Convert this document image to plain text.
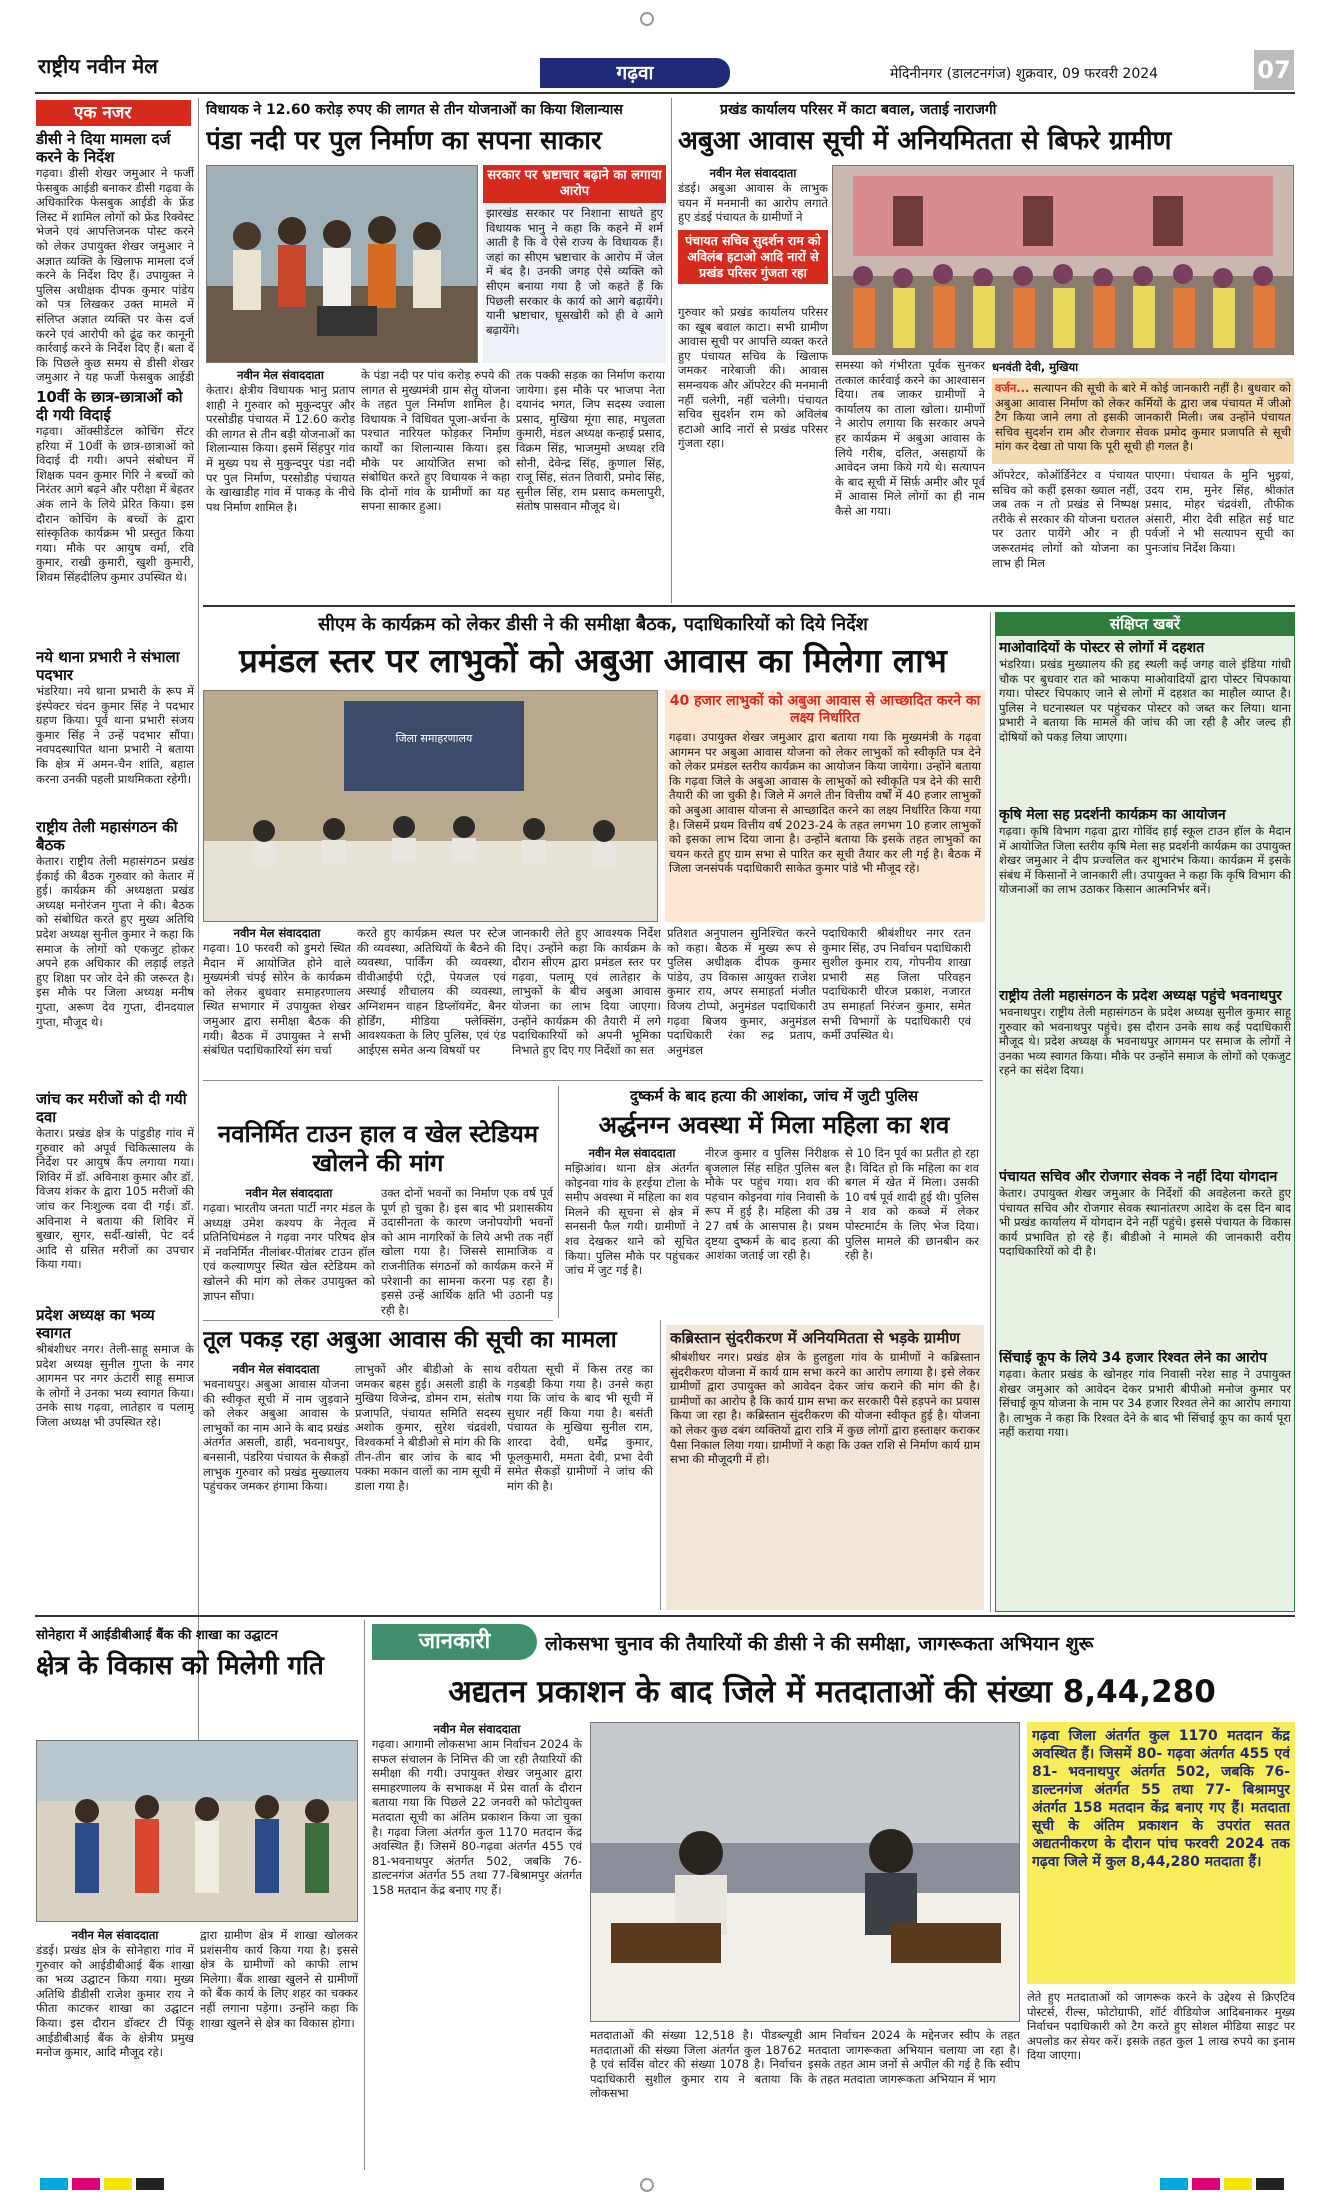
राष्ट्रीय नवीन मेल	गढ़वा	मेदिनीनगर (डालटनगंज) शुक्रवार, 09 फरवरी 2024	07
एक नजर
डीसी ने दिया मामला दर्ज करने के निर्देश
गढ़वा। डीसी शेखर जमुआर ने फर्जी फेसबुक आईडी बनाकर डीसी गढ़वा के अधिकारिक फेसबुक आईडी के फ्रेंड लिस्ट में शामिल लोगों को फ्रेंड रिक्वेस्ट भेजने एवं आपत्तिजनक पोस्ट करने को लेकर उपायुक्त शेखर जमुआर ने अज्ञात व्यक्ति के खिलाफ मामला दर्ज करने के निर्देश दिए हैं। उपायुक्त ने पुलिस अधीक्षक दीपक कुमार पांडेय को पत्र लिखकर उक्त मामले में संलिप्त अज्ञात व्यक्ति पर केस दर्ज करने एवं आरोपी को ढूंढ कर कानूनी कार्रवाई करने के निर्देश दिए हैं। बता दें कि पिछले कुछ समय से डीसी शेखर जमुआर ने यह फर्जी फेसबुक आईडी
10वीं के छात्र-छात्राओं को दी गयी विदाई
गढ़वा। ऑक्सीडेंटल कोचिंग सेंटर हरिया में 10वीं के छात्र-छात्राओं को विदाई दी गयी। अपने संबोधन में शिक्षक पवन कुमार गिरि ने बच्चों को निरंतर आगे बढ़ने और परीक्षा में बेहतर अंक लाने के लिये प्रेरित किया। इस दौरान कोचिंग के बच्चों के द्वारा सांस्कृतिक कार्यक्रम भी प्रस्तुत किया गया। मौके पर आयुष वर्मा, रवि कुमार, राखी कुमारी, खुशी कुमारी, शिवम सिंहदीलिप कुमार उपस्थित थे।
नये थाना प्रभारी ने संभाला पदभार
भंडरिया। नये थाना प्रभारी के रूप में इंस्पेक्टर चंदन कुमार सिंह ने पदभार ग्रहण किया। पूर्व थाना प्रभारी संजय कुमार सिंह ने उन्हें पदभार सौंपा। नवपदस्थापित थाना प्रभारी ने बताया कि क्षेत्र में अमन-चैन शांति, बहाल करना उनकी पहली प्राथमिकता रहेगी।
राष्ट्रीय तेली महासंगठन की बैठक
केतार। राष्ट्रीय तेली महासंगठन प्रखंड ईकाई की बैठक गुरुवार को केतार में हुई। कार्यक्रम की अध्यक्षता प्रखंड अध्यक्ष मनोरंजन गुप्ता ने की। बैठक को संबोधित करते हुए मुख्य अतिथि प्रदेश अध्यक्ष सुनील कुमार ने कहा कि समाज के लोगों को एकजुट होकर अपने हक अधिकार की लड़ाई लड़ते हुए शिक्षा पर जोर देने की जरूरत है। इस मौके पर जिला अध्यक्ष मनीष गुप्ता, अरूण देव गुप्ता, दीनदयाल गुप्ता, मौजूद थे।
जांच कर मरीजों को दी गयी दवा
केतार। प्रखंड क्षेत्र के पांडुडीह गांव में गुरुवार को अपूर्व चिकित्सालय के निर्देश पर आयुष कैंप लगाया गया। शिविर में डॉ. अविनाश कुमार और डॉ. विजय शंकर के द्वारा 105 मरीजों की जांच कर निःशुल्क दवा दी गई। डॉ. अविनाश ने बताया की शिविर में बुखार, सुगर, सर्दी-खांसी, पेट दर्द आदि से ग्रसित मरीजों का उपचार किया गया।
प्रदेश अध्यक्ष का भव्य स्वागत
श्रीबंशीधर नगर। तेली-साहू समाज के प्रदेश अध्यक्ष सुनील गुप्ता के नगर आगमन पर नगर ऊंटारी साहू समाज के लोगों ने उनका भव्य स्वागत किया। उनके साथ गढ़वा, लातेहार व पलामू जिला अध्यक्ष भी उपस्थित रहे।
विधायक ने 12.60 करोड़ रुपए की लागत से तीन योजनाओं का किया शिलान्यास
पंडा नदी पर पुल निर्माण का सपना साकार
सरकार पर भ्रष्टाचार बढ़ाने का लगाया आरोप
झारखंड सरकार पर निशाना साधते हुए विधायक भानु ने कहा कि कहने में शर्म आती है कि वे ऐसे राज्य के विधायक हैं। जहां का सीएम भ्रष्टाचार के आरोप में जेल में बंद है। उनकी जगह ऐसे व्यक्ति को सीएम बनाया गया है जो कहते हैं कि पिछली सरकार के कार्य को आगे बढ़ायेंगे। यानी भ्रष्टाचार, घूसखोरी को ही वे आगे बढ़ायेंगे।
नवीन मेल संवाददाता
केतार। क्षेत्रीय विधायक भानु प्रताप शाही ने गुरुवार को मुकुन्दपुर और परसोडीह पंचायत में 12.60 करोड़ की लागत से तीन बड़ी योजनाओं का शिलान्यास किया। इसमें सिंहपुर गांव में मुख्य पथ से मुकुन्दपुर पंडा नदी पर पुल निर्माण, परसोडीह पंचायत के खाखाडीह गांव में पाकड़ के नीचे पथ निर्माण शामिल है।
के पंडा नदी पर पांच करोड़ रुपये की लागत से मुख्यमंत्री ग्राम सेतु योजना के तहत पुल निर्माण शामिल है। विधायक ने विधिवत पूजा-अर्चना के पश्चात नारियल फोड़कर निर्माण कार्यों का शिलान्यास किया। इस मौके पर आयोजित सभा को संबोधित करते हुए विधायक ने कहा कि दोनों गांव के ग्रामीणों का यह सपना साकार हुआ।
तक पक्की सड़क का निर्माण कराया जायेगा। इस मौके पर भाजपा नेता दयानंद भगत, जिप सदस्य ज्वाला प्रसाद, मुखिया मूंगा साह, मधुलता कुमारी, मंडल अध्यक्ष कन्हाई प्रसाद, विक्रम सिंह, भाजमुमो अध्यक्ष रवि सोनी, देवेन्द्र सिंह, कुणाल सिंह, राजू सिंह, संतन तिवारी, प्रमोद सिंह, सुनील सिंह, राम प्रसाद कमलापुरी, संतोष पासवान मौजूद थे।
प्रखंड कार्यालय परिसर में काटा बवाल, जताई नाराजगी
अबुआ आवास सूची में अनियमितता से बिफरे ग्रामीण
नवीन मेल संवाददाता
डंडई। अबुआ आवास के लाभुक चयन में मनमानी का आरोप लगाते हुए डंडई पंचायत के ग्रामीणों ने
पंचायत सचिव सुदर्शन राम को अविलंब हटाओ आदि नारों से प्रखंड परिसर गुंजता रहा
गुरुवार को प्रखंड कार्यालय परिसर का खूब बवाल काटा। सभी ग्रामीण आवास सूची पर आपत्ति व्यक्त करते हुए पंचायत सचिव के खिलाफ जमकर नारेबाजी की। आवास समन्वयक और ऑपरेटर की मनमानी नहीं चलेगी, नहीं चलेगी। पंचायत सचिव सुदर्शन राम को अविलंब हटाओ आदि नारों से प्रखंड परिसर गुंजता रहा।
समस्या को गंभीरता पूर्वक सुनकर तत्काल कार्रवाई करने का आश्वासन दिया। तब जाकर ग्रामीणों ने कार्यालय का ताला खोला। ग्रामीणों ने आरोप लगाया कि सरकार अपने हर कार्यक्रम में अबुआ आवास के लिये गरीब, दलित, असहायों के आवेदन जमा किये गये थे। सत्यापन के बाद सूची में सिर्फ़ अमीर और पूर्व में आवास मिले लोगों का ही नाम कैसे आ गया।
धनवंती देवी, मुखिया
वर्जन... सत्यापन की सूची के बारे में कोई जानकारी नहीं है। बुधवार को अबुआ आवास निर्माण को लेकर कर्मियों के द्वारा जब पंचायत में जीओ टैग किया जाने लगा तो इसकी जानकारी मिली। जब उन्होंने पंचायत सचिव सुदर्शन राम और रोजगार सेवक प्रमोद कुमार प्रजापति से सूची मांग कर देखा तो पाया कि पूरी सूची ही गलत है।
ऑपरेटर, कोऑर्डिनेटर व पंचायत सचिव को कहीं इसका ख्याल नहीं, जब तक न तो प्रखंड से निष्पक्ष तरीके से सरकार की योजना धरातल पर उतार पायेंगे और न ही जरूरतमंद लोगों को योजना का लाभ ही मिल
पाएगा। पंचायत के मुनि भुइयां, उदय राम, मुनेर सिंह, श्रीकांत प्रसाद, मोहर चंद्रवंशी, तौफीक अंसारी, मीरा देवी सहित सई घाट पर्वजों ने भी सत्यापन सूची का पुनःजांच निर्देश किया।
सीएम के कार्यक्रम को लेकर डीसी ने की समीक्षा बैठक, पदाधिकारियों को दिये निर्देश
प्रमंडल स्तर पर लाभुकों को अबुआ आवास का मिलेगा लाभ
जिला समाहरणालय
40 हजार लाभुकों को अबुआ आवास से आच्छादित करने का लक्ष्य निर्धारित
गढ़वा। उपायुक्त शेखर जमुआर द्वारा बताया गया कि मुख्यमंत्री के गढ़वा आगमन पर अबुआ आवास योजना को लेकर लाभुकों को स्वीकृति पत्र देने को लेकर प्रमंडल स्तरीय कार्यक्रम का आयोजन किया जायेगा। उन्होंने बताया कि गढ़वा जिले के अबुआ आवास के लाभुकों को स्वीकृति पत्र देने की सारी तैयारी की जा चुकी है। जिले में अगले तीन वित्तीय वर्षों में 40 हजार लाभुकों को अबुआ आवास योजना से आच्छादित करने का लक्ष्य निर्धारित किया गया है। जिसमें प्रथम वित्तीय वर्ष 2023-24 के तहत लगभग 10 हजार लाभुकों को इसका लाभ दिया जाना है। उन्होंने बताया कि इसके तहत लाभुकों का चयन करते हुए ग्राम सभा से पारित कर सूची तैयार कर ली गई है। बैठक में जिला जनसंपर्क पदाधिकारी साकेत कुमार पांडे भी मौजूद रहे।
नवीन मेल संवाददाता
गढ़वा। 10 फरवरी को डुमरो स्थित मैदान में आयोजित होने वाले मुख्यमंत्री चंपई सोरेन के कार्यक्रम को लेकर बुधवार समाहरणालय स्थित सभागार में उपायुक्त शेखर जमुआर द्वारा समीक्षा बैठक की गयी। बैठक में उपायुक्त ने सभी संबंधित पदाधिकारियों संग चर्चा
करते हुए कार्यक्रम स्थल पर स्टेज की व्यवस्था, अतिथियों के बैठने की व्यवस्था, पार्किंग की व्यवस्था, वीवीआईपी एंट्री, पेयजल एवं अस्थाई शौचालय की व्यवस्था, अग्निशमन वाहन डिप्लॉयमेंट, बैनर होर्डिंग, मीडिया फ्लेक्सिंग, आवश्यकता के लिए पुलिस, एवं एंड आईएस समेत अन्य विषयों पर
जानकारी लेते हुए आवश्यक निर्देश दिए। उन्होंने कहा कि कार्यक्रम के दौरान सीएम द्वारा प्रमंडल स्तर पर गढ़वा, पलामू एवं लातेहार के लाभुकों के बीच अबुआ आवास योजना का लाभ दिया जाएगा। उन्होंने कार्यक्रम की तैयारी में लगे पदाधिकारियों को अपनी भूमिका निभाते हुए दिए गए निर्देशों का सत
प्रतिशत अनुपालन सुनिश्चित करने को कहा। बैठक में मुख्य रूप से पुलिस अधीक्षक दीपक कुमार पांडेय, उप विकास आयुक्त राजेश कुमार राय, अपर समाहर्ता मंजीत विजय टोप्पो, अनुमंडल पदाधिकारी गढ़वा बिजय कुमार, अनुमंडल पदाधिकारी रंका रुद्र प्रताप, अनुमंडल
पदाधिकारी श्रीबंशीधर नगर रतन कुमार सिंह, उप निर्वाचन पदाधिकारी सुशील कुमार राय, गोपनीय शाखा प्रभारी सह जिला परिवहन पदाधिकारी धीरज प्रकाश, नजारत उप समाहर्ता निरंजन कुमार, समेत सभी विभागों के पदाधिकारी एवं कर्मी उपस्थित थे।
नवनिर्मित टाउन हाल व खेल स्टेडियम खोलने की मांग
नवीन मेल संवाददाता
गढ़वा। भारतीय जनता पार्टी नगर मंडल के अध्यक्ष उमेश कश्यप के नेतृत्व में प्रतिनिधिमंडल ने गढ़वा नगर परिषद क्षेत्र में नवनिर्मित नीलांबर-पीतांबर टाउन हॉल एवं कल्याणपुर स्थित खेल स्टेडियम को खोलने की मांग को लेकर उपायुक्त को ज्ञापन सौंपा।
उक्त दोनों भवनों का निर्माण एक वर्ष पूर्व पूर्ण हो चुका है। इस बाद भी प्रशासकीय उदासीनता के कारण जनोपयोगी भवनों को आम नागरिकों के लिये अभी तक नहीं खोला गया है। जिससे सामाजिक व राजनीतिक संगठनों को कार्यक्रम करने में परेशानी का सामना करना पड़ रहा है। इससे उन्हें आर्थिक क्षति भी उठानी पड़ रही है।
दुष्कर्म के बाद हत्या की आशंका, जांच में जुटी पुलिस
अर्द्धनग्न अवस्था में मिला महिला का शव
नवीन मेल संवाददाता
मझिआंव। थाना क्षेत्र अंतर्गत कोइनवा गांव के हरईया टोला के समीप अवस्था में महिला का शव मिलने की सूचना से क्षेत्र में सनसनी फैल गयी। ग्रामीणों ने शव देखकर थाने को सूचित किया। पुलिस मौके पर पहुंचकर जांच में जुट गई है।
नीरज कुमार व पुलिस निरीक्षक बृजलाल सिंह सहित पुलिस बल मौके पर पहुंच गया। शव की पहचान कोइनवा गांव निवासी के रूप में हुई है। महिला की उम्र 27 वर्ष के आसपास है। प्रथम दृष्टया दुष्कर्म के बाद हत्या की आशंका जताई जा रही है।
से 10 दिन पूर्व का प्रतीत हो रहा है। विदित हो कि महिला का शव बगल में खेत में मिला। उसकी 10 वर्ष पूर्व शादी हुई थी। पुलिस ने शव को कब्जे में लेकर पोस्टमार्टम के लिए भेज दिया। पुलिस मामले की छानबीन कर रही है।
तूल पकड़ रहा अबुआ आवास की सूची का मामला
नवीन मेल संवाददाता
भवनाथपुर। अबुआ आवास योजना की स्वीकृत सूची में नाम जुड़वाने को लेकर अबुआ आवास के लाभुकों का नाम आने के बाद प्रखंड अंतर्गत असली, डाही, भवनाथपुर, बनसानी, पंडरिया पंचायत के सैकड़ों लाभुक गुरुवार को प्रखंड मुख्यालय पहुंचकर जमकर हंगामा किया।
लाभुकों और बीडीओ के साथ जमकर बहस हुई। असली डाही के मुखिया विजेन्द्र, डोमन राम, संतोष प्रजापति, पंचायत समिति सदस्य अशोक कुमार, सुरेश चंद्रवंशी, विश्वकर्मा ने बीडीओ से मांग की कि तीन-तीन बार जांच के बाद भी पक्का मकान वालों का नाम सूची में डाला गया है।
वरीयता सूची में किस तरह का गड़बड़ी किया गया है। उनसे कहा गया कि जांच के बाद भी सूची में सुधार नहीं किया गया है। बसंती पंचायत के मुखिया सुनील राम, शारदा देवी, धर्मेंद्र कुमार, फूलकुमारी, ममता देवी, प्रभा देवी समेत सैकड़ों ग्रामीणों ने जांच की मांग की है।
कब्रिस्तान सुंदरीकरण में अनियमितता से भड़के ग्रामीण
श्रीबंशीधर नगर। प्रखंड क्षेत्र के हुलहुला गांव के ग्रामीणों ने कब्रिस्तान सुंदरीकरण योजना में कार्य ग्राम सभा करने का आरोप लगाया है। इसे लेकर ग्रामीणों द्वारा उपायुक्त को आवेदन देकर जांच कराने की मांग की है। ग्रामीणों का आरोप है कि कार्य ग्राम सभा कर सरकारी पैसे हड़पने का प्रयास किया जा रहा है। कब्रिस्तान सुंदरीकरण की योजना स्वीकृत हुई है। योजना को लेकर कुछ दबंग व्यक्तियों द्वारा रात्रि में कुछ लोगों द्वारा हस्ताक्षर कराकर पैसा निकाल लिया गया। ग्रामीणों ने कहा कि उक्त राशि से निर्माण कार्य ग्राम सभा की मौजूदगी में हो।
संक्षिप्त खबरें
माओवादियों के पोस्टर से लोगों में दहशत
भंडरिया। प्रखंड मुख्यालय की हद्द स्थली कई जगह वाले इंडिया गांधी चौक पर बुधवार रात को भाकपा माओवादियों द्वारा पोस्टर चिपकाया गया। पोस्टर चिपकाए जाने से लोगों में दहशत का माहौल व्याप्त है। पुलिस ने घटनास्थल पर पहुंचकर पोस्टर को जब्त कर लिया। थाना प्रभारी ने बताया कि मामले की जांच की जा रही है और जल्द ही दोषियों को पकड़ लिया जाएगा।
कृषि मेला सह प्रदर्शनी कार्यक्रम का आयोजन
गढ़वा। कृषि विभाग गढ़वा द्वारा गोविंद हाई स्कूल टाउन हॉल के मैदान में आयोजित जिला स्तरीय कृषि मेला सह प्रदर्शनी कार्यक्रम का उपायुक्त शेखर जमुआर ने दीप प्रज्वलित कर शुभारंभ किया। कार्यक्रम में इसके संबंध में किसानों ने जानकारी ली। उपायुक्त ने कहा कि कृषि विभाग की योजनाओं का लाभ उठाकर किसान आत्मनिर्भर बनें।
राष्ट्रीय तेली महासंगठन के प्रदेश अध्यक्ष पहुंचे भवनाथपुर
भवनाथपुर। राष्ट्रीय तेली महासंगठन के प्रदेश अध्यक्ष सुनील कुमार साहू गुरुवार को भवनाथपुर पहुंचे। इस दौरान उनके साथ कई पदाधिकारी मौजूद थे। प्रदेश अध्यक्ष के भवनाथपुर आगमन पर समाज के लोगों ने उनका भव्य स्वागत किया। मौके पर उन्होंने समाज के लोगों को एकजुट रहने का संदेश दिया।
पंचायत सचिव और रोजगार सेवक ने नहीं दिया योगदान
केतार। उपायुक्त शेखर जमुआर के निर्देशों की अवहेलना करते हुए पंचायत सचिव और रोजगार सेवक स्थानांतरण आदेश के दस दिन बाद भी प्रखंड कार्यालय में योगदान देने नहीं पहुंचे। इससे पंचायत के विकास कार्य प्रभावित हो रहे हैं। बीडीओ ने मामले की जानकारी वरीय पदाधिकारियों को दी है।
सिंचाई कूप के लिये 34 हजार रिश्वत लेने का आरोप
गढ़वा। केतार प्रखंड के खोनहर गांव निवासी नरेश साह ने उपायुक्त शेखर जमुआर को आवेदन देकर प्रभारी बीपीओ मनोज कुमार पर सिंचाई कूप योजना के नाम पर 34 हजार रिश्वत लेने का आरोप लगाया है। लाभुक ने कहा कि रिश्वत देने के बाद भी सिंचाई कूप का कार्य पूरा नहीं कराया गया।
सोनेहारा में आईडीबीआई बैंक की शाखा का उद्घाटन
क्षेत्र के विकास को मिलेगी गति
नवीन मेल संवाददाता
डंडई। प्रखंड क्षेत्र के सोनेहारा गांव में गुरुवार को आईडीबीआई बैंक शाखा का भव्य उद्घाटन किया गया। मुख्य अतिथि डीडीसी राजेश कुमार राय ने फीता काटकर शाखा का उद्घाटन किया। इस दौरान डॉक्टर टी पिंकू आईडीबीआई बैंक के क्षेत्रीय प्रमुख मनोज कुमार, आदि मौजूद रहे।
द्वारा ग्रामीण क्षेत्र में शाखा खोलकर प्रशंसनीय कार्य किया गया है। इससे क्षेत्र के ग्रामीणों को काफी लाभ मिलेगा। बैंक शाखा खुलने से ग्रामीणों को बैंक कार्य के लिए शहर का चक्कर नहीं लगाना पड़ेगा। उन्होंने कहा कि शाखा खुलने से क्षेत्र का विकास होगा।
जानकारी	लोकसभा चुनाव की तैयारियों की डीसी ने की समीक्षा, जागरूकता अभियान शुरू
अद्यतन प्रकाशन के बाद जिले में मतदाताओं की संख्या 8,44,280
नवीन मेल संवाददाता
गढ़वा। आगामी लोकसभा आम निर्वाचन 2024 के सफल संचालन के निमित्त की जा रही तैयारियों की समीक्षा की गयी। उपायुक्त शेखर जमुआर द्वारा समाहरणालय के सभाकक्ष में प्रेस वार्ता के दौरान बताया गया कि पिछले 22 जनवरी को फोटोयुक्त मतदाता सूची का अंतिम प्रकाशन किया जा चुका है। गढ़वा जिला अंतर्गत कुल 1170 मतदान केंद्र अवस्थित हैं। जिसमें 80-गढ़वा अंतर्गत 455 एवं 81-भवनाथपुर अंतर्गत 502, जबकि 76-डाल्टनगंज अंतर्गत 55 तथा 77-बिश्रामपुर अंतर्गत 158 मतदान केंद्र बनाए गए हैं।
गढ़वा जिला अंतर्गत कुल 1170 मतदान केंद्र अवस्थित हैं। जिसमें 80- गढ़वा अंतर्गत 455 एवं 81- भवनाथपुर अंतर्गत 502, जबकि 76- डाल्टनगंज अंतर्गत 55 तथा 77- बिश्रामपुर अंतर्गत 158 मतदान केंद्र बनाए गए हैं। मतदाता सूची के अंतिम प्रकाशन के उपरांत सतत अद्यतनीकरण के दौरान पांच फरवरी 2024 तक गढ़वा जिले में कुल 8,44,280 मतदाता हैं।
मतदाताओं की संख्या 12,518 है। पीडब्ल्यूडी मतदाताओं की संख्या जिला अंतर्गत कुल 18762 है एवं सर्विस वोटर की संख्या 1078 है। निर्वाचन पदाधिकारी सुशील कुमार राय ने बताया कि लोकसभा
आम निर्वाचन 2024 के मद्देनजर स्वीप के तहत मतदाता जागरूकता अभियान चलाया जा रहा है। इसके तहत आम जनों से अपील की गई है कि स्वीप के तहत मतदाता जागरूकता अभियान में भाग
लेते हुए मतदाताओं को जागरूक करने के उद्देश्य से क्रिएटिव पोस्टर्स, रील्स, फोटोग्राफी, शॉर्ट वीडियोज आदिबनाकर मुख्य निर्वाचन पदाधिकारी को टैग करते हुए सोशल मीडिया साइट पर अपलोड कर सेयर करें। इसके तहत कुल 1 लाख रुपये का इनाम दिया जाएगा।
